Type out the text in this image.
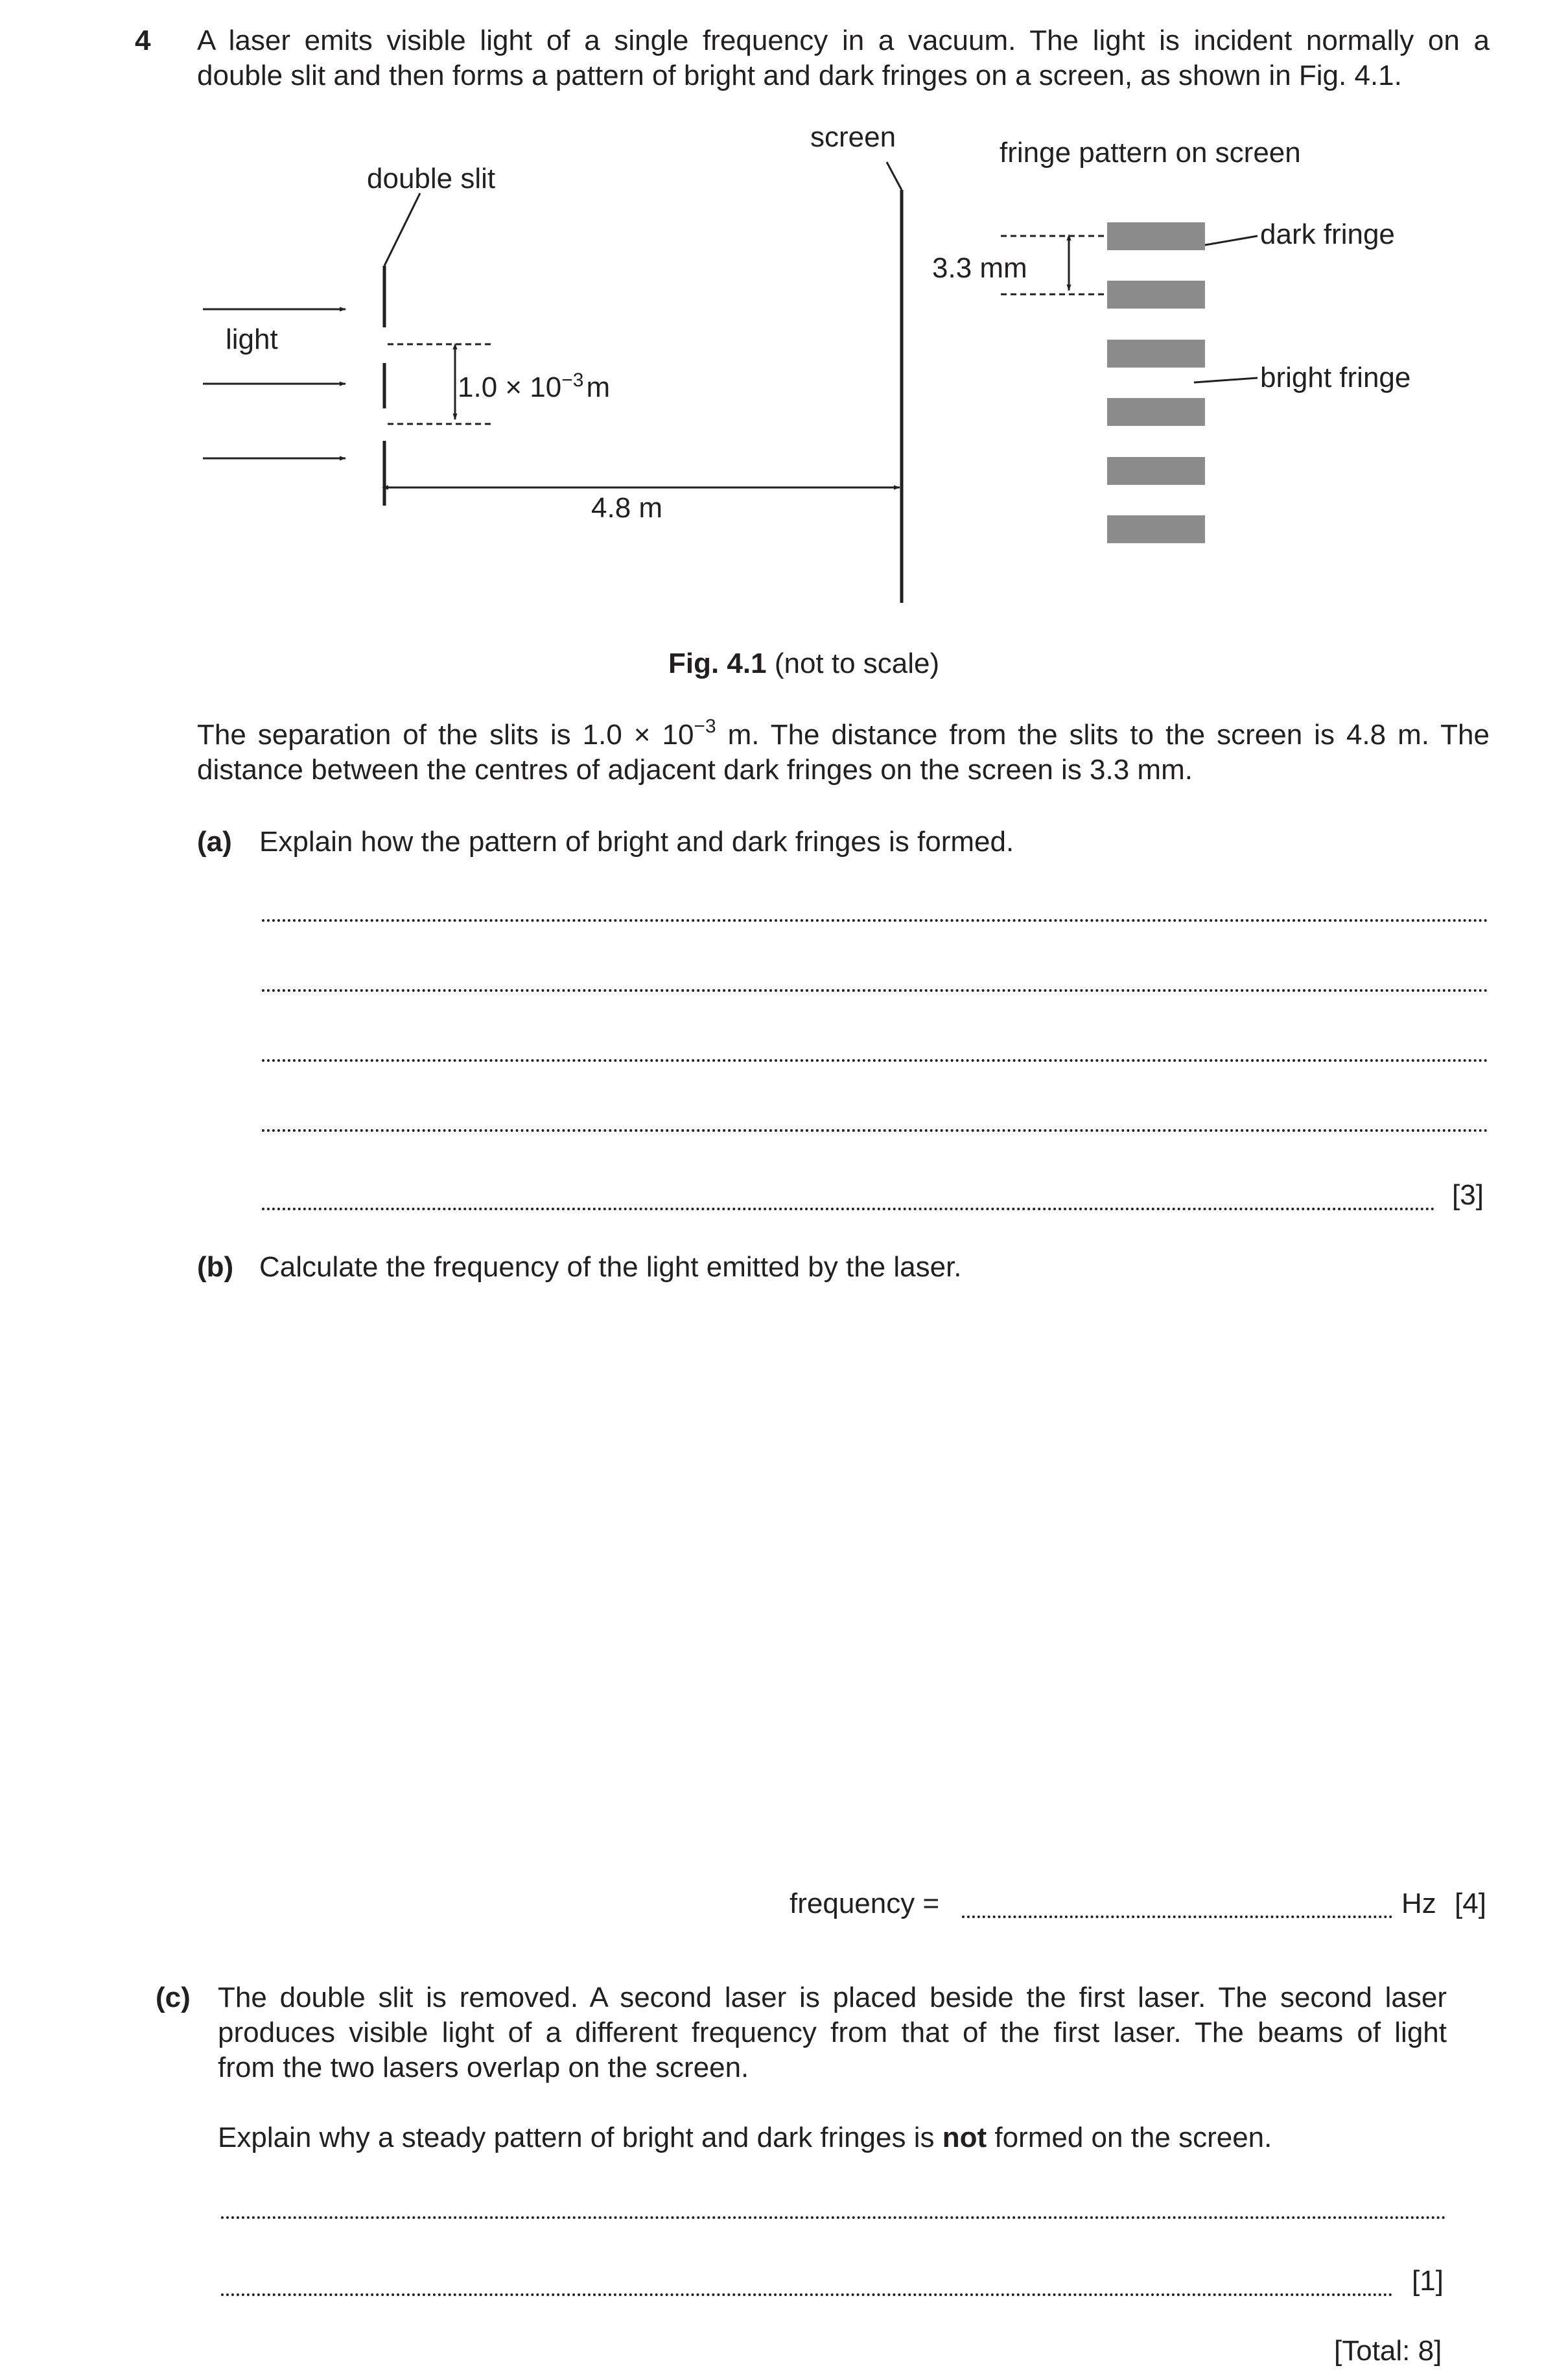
4 A laser emits visible light of a single frequency in a vacuum. The light is incident normally on a
double slit and then forms a pattern of bright and dark fringes on a screen, as shown in Fig. 4.1.
light
double slit
$1.0 \times 10^{-3}m$
4.8 m
screen	fringe pattern on screen
3.3 mm
dark fringe
bright fringe
Fig. 4.1 (not to scale)
The separation of the slits is $1.0 \times 10^{-3}$ m. The distance from the slits to the screen is 4.8 m. The
distance between the centres of adjacent dark fringes on the screen is 3.3 mm.
(a) Explain how the pattern of bright and dark fringes is formed.
[3]
(b) Calculate the frequency of the light emitted by the laser.
frequency =	Hz [4]
(c) The double slit is removed. A second laser is placed beside the first laser. The second laser
produces visible light of a different frequency from that of the first laser. The beams of light
from the two lasers overlap on the screen.
Explain why a steady pattern of bright and dark fringes is not formed on the screen.
[1]
[Total: 8]
